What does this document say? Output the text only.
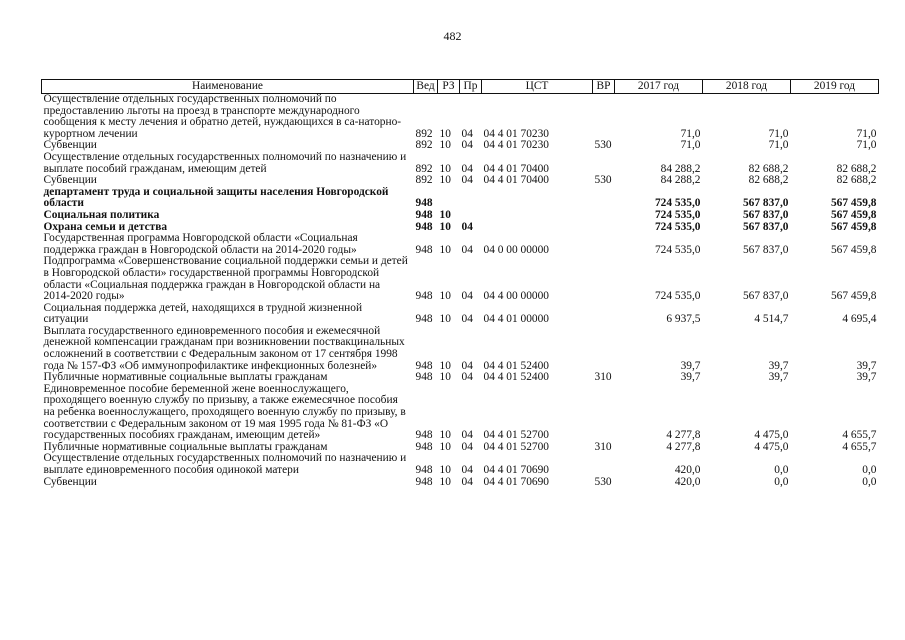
482
Наименование	Вед	РЗ	Пр	ЦСТ	ВР	2017 год	2018 год	2019 год
Осуществление отдельных государственных полномочий по предоставлению льготы на проезд в транспорте международного сообщения к месту лечения и обратно детей, нуждающихся в са-наторно-курортном лечении	892	10	04	04 4 01 70230		71,0	71,0	71,0
Субвенции	892	10	04	04 4 01 70230	530	71,0	71,0	71,0
Осуществление отдельных государственных полномочий по назначению и выплате пособий гражданам, имеющим детей	892	10	04	04 4 01 70400		84 288,2	82 688,2	82 688,2
Субвенции	892	10	04	04 4 01 70400	530	84 288,2	82 688,2	82 688,2
департамент труда и социальной защиты населения Новгородской области	948					724 535,0	567 837,0	567 459,8
Социальная политика	948	10				724 535,0	567 837,0	567 459,8
Охрана семьи и детства	948	10	04			724 535,0	567 837,0	567 459,8
Государственная программа Новгородской области «Социальная поддержка граждан в Новгородской области на 2014-2020 годы»	948	10	04	04 0 00 00000		724 535,0	567 837,0	567 459,8
Подпрограмма «Совершенствование социальной поддержки семьи и детей в Новгородской области» государственной программы Новгородской области «Социальная поддержка граждан в Новгородской области на 2014-2020 годы»	948	10	04	04 4 00 00000		724 535,0	567 837,0	567 459,8
Социальная поддержка детей, находящихся в трудной жизненной ситуации	948	10	04	04 4 01 00000		6 937,5	4 514,7	4 695,4
Выплата государственного единовременного пособия и ежемесячной денежной компенсации гражданам при возникновении поствакцинальных осложнений в соответствии с Федеральным законом от 17 сентября 1998 года № 157-ФЗ «Об иммунопрофилактике инфекционных болезней»	948	10	04	04 4 01 52400		39,7	39,7	39,7
Публичные нормативные социальные выплаты гражданам	948	10	04	04 4 01 52400	310	39,7	39,7	39,7
Единовременное пособие беременной жене военнослужащего, проходящего военную службу по призыву, а также ежемесячное пособия на ребенка военнослужащего, проходящего военную службу по призыву, в соответствии с Федеральным законом от 19 мая 1995 года № 81-ФЗ «О государственных пособиях гражданам, имеющим детей»	948	10	04	04 4 01 52700		4 277,8	4 475,0	4 655,7
Публичные нормативные социальные выплаты гражданам	948	10	04	04 4 01 52700	310	4 277,8	4 475,0	4 655,7
Осуществление отдельных государственных полномочий по назначению и выплате единовременного пособия одинокой матери	948	10	04	04 4 01 70690		420,0	0,0	0,0
Субвенции	948	10	04	04 4 01 70690	530	420,0	0,0	0,0
